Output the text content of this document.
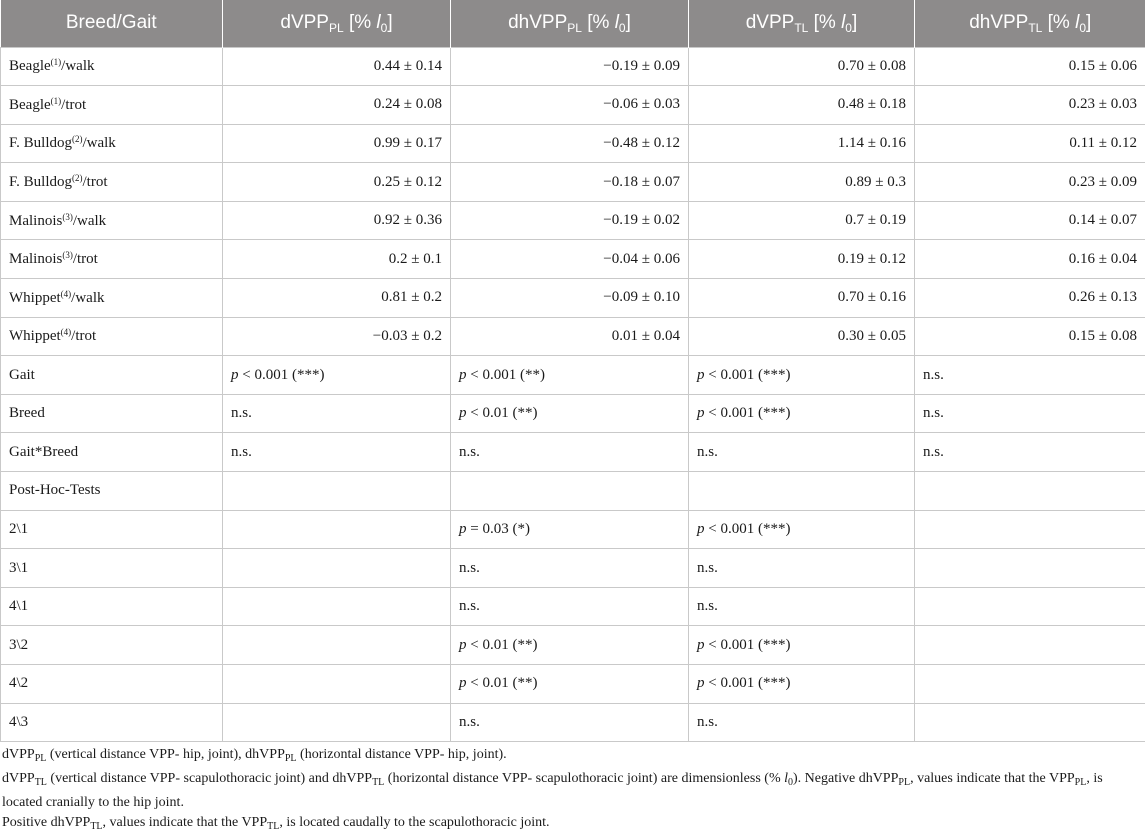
Breed/Gait	dVPP$_{PL}$ [% $l_0$]	dhVPP$_{PL}$ [% $l_0$]	dVPP$_{TL}$ [% $l_0$]	dhVPP$_{TL}$ [% $l_0$]
Beagle$^{(1)}$/walk	0.44 ± 0.14	−0.19 ± 0.09	0.70 ± 0.08	0.15 ± 0.06
Beagle$^{(1)}$/trot	0.24 ± 0.08	−0.06 ± 0.03	0.48 ± 0.18	0.23 ± 0.03
F. Bulldog$^{(2)}$/walk	0.99 ± 0.17	−0.48 ± 0.12	1.14 ± 0.16	0.11 ± 0.12
F. Bulldog$^{(2)}$/trot	0.25 ± 0.12	−0.18 ± 0.07	0.89 ± 0.3	0.23 ± 0.09
Malinois$^{(3)}$/walk	0.92 ± 0.36	−0.19 ± 0.02	0.7 ± 0.19	0.14 ± 0.07
Malinois$^{(3)}$/trot	0.2 ± 0.1	−0.04 ± 0.06	0.19 ± 0.12	0.16 ± 0.04
Whippet$^{(4)}$/walk	0.81 ± 0.2	−0.09 ± 0.10	0.70 ± 0.16	0.26 ± 0.13
Whippet$^{(4)}$/trot	−0.03 ± 0.2	0.01 ± 0.04	0.30 ± 0.05	0.15 ± 0.08
Gait	p < 0.001 (***)	p < 0.001 (**)	p < 0.001 (***)	n.s.
Breed	n.s.	p < 0.01 (**)	p < 0.001 (***)	n.s.
Gait*Breed	n.s.	n.s.	n.s.	n.s.
Post-Hoc-Tests				
2\1		p = 0.03 (*)	p < 0.001 (***)	
3\1		n.s.	n.s.	
4\1		n.s.	n.s.	
3\2		p < 0.01 (**)	p < 0.001 (***)	
4\2		p < 0.01 (**)	p < 0.001 (***)	
4\3		n.s.	n.s.	
dVPP$_{PL}$ (vertical distance VPP- hip, joint), dhVPP$_{PL}$ (horizontal distance VPP- hip, joint).
dVPP$_{TL}$ (vertical distance VPP- scapulothoracic joint) and dhVPP$_{TL}$ (horizontal distance VPP- scapulothoracic joint) are dimensionless (% $l_0$). Negative dhVPP$_{PL}$, values indicate that the $VPP_{PL}$, is located cranially to the hip joint.
Positive dhVPP$_{TL}$, values indicate that the $VPP_{TL}$, is located caudally to the scapulothoracic joint.
